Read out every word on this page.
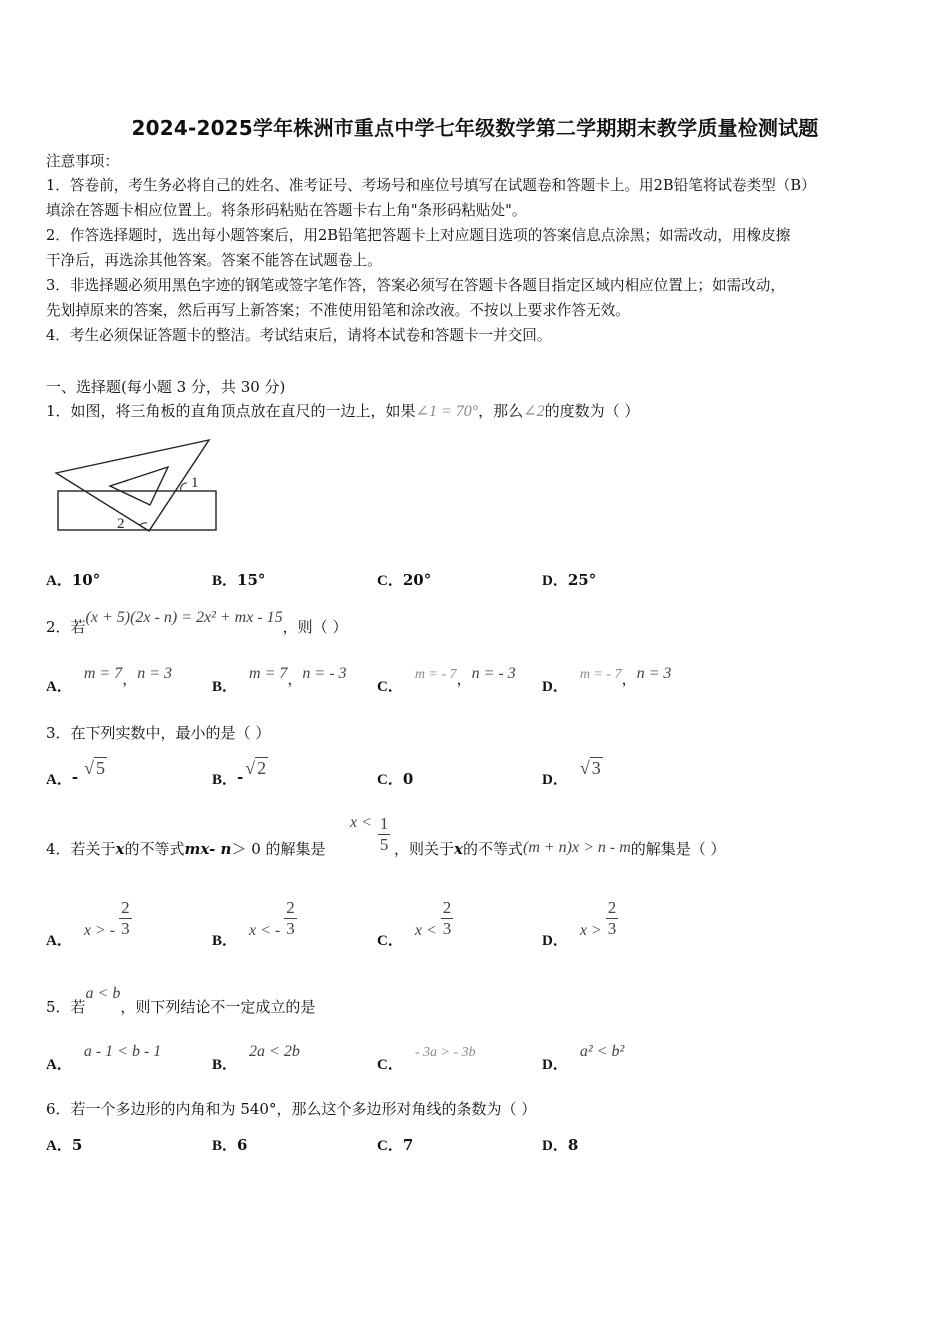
2024-2025学年株洲市重点中学七年级数学第二学期期末教学质量检测试题
注意事项：
1．答卷前，考生务必将自己的姓名、准考证号、考场号和座位号填写在试题卷和答题卡上。用2B铅笔将试卷类型（B）
填涂在答题卡相应位置上。将条形码粘贴在答题卡右上角"条形码粘贴处"。
2．作答选择题时，选出每小题答案后，用2B铅笔把答题卡上对应题目选项的答案信息点涂黑；如需改动，用橡皮擦
干净后，再选涂其他答案。答案不能答在试题卷上。
3．非选择题必须用黑色字迹的钢笔或签字笔作答，答案必须写在答题卡各题目指定区域内相应位置上；如需改动，
先划掉原来的答案，然后再写上新答案；不准使用铅笔和涂改液。不按以上要求作答无效。
4．考生必须保证答题卡的整洁。考试结束后，请将本试卷和答题卡一并交回。
一、选择题(每小题 3 分，共 30 分)
1．如图，将三角板的直角顶点放在直尺的一边上，如果∠1 = 70°，那么∠2的度数为（ ）
1
2
A．10°	B．15°	C．20°	D．25°
2．若(x + 5)(2x - n) = 2x² + mx - 15，则（ ）
A．m = 7，n = 3
B．m = 7，n = - 3
C．m = - 7，n = - 3
D．m = - 7，n = 3
3．在下列实数中，最小的是（ ）
A．- √ 5
B．- √ 2
C．0	D．√ 3
4．若关于x的不等式mx- n＞ 0 的解集是
$x < \frac{1}{5}$ ，则关于x的不等式(m + n)x > n - m的解集是（ ）
A．x > - $\frac{2}{3}$
B．x < - $\frac{2}{3}$
C．$x < \frac{2}{3}$
D．$x > \frac{2}{3}$
5．若a < b，则下列结论不一定成立的是
A．a - 1 < b - 1
B．2a < 2b
C．- 3a > - 3b
D．a² < b²
6．若一个多边形的内角和为 540°，那么这个多边形对角线的条数为（ ）
A．5	B．6	C．7	D．8
